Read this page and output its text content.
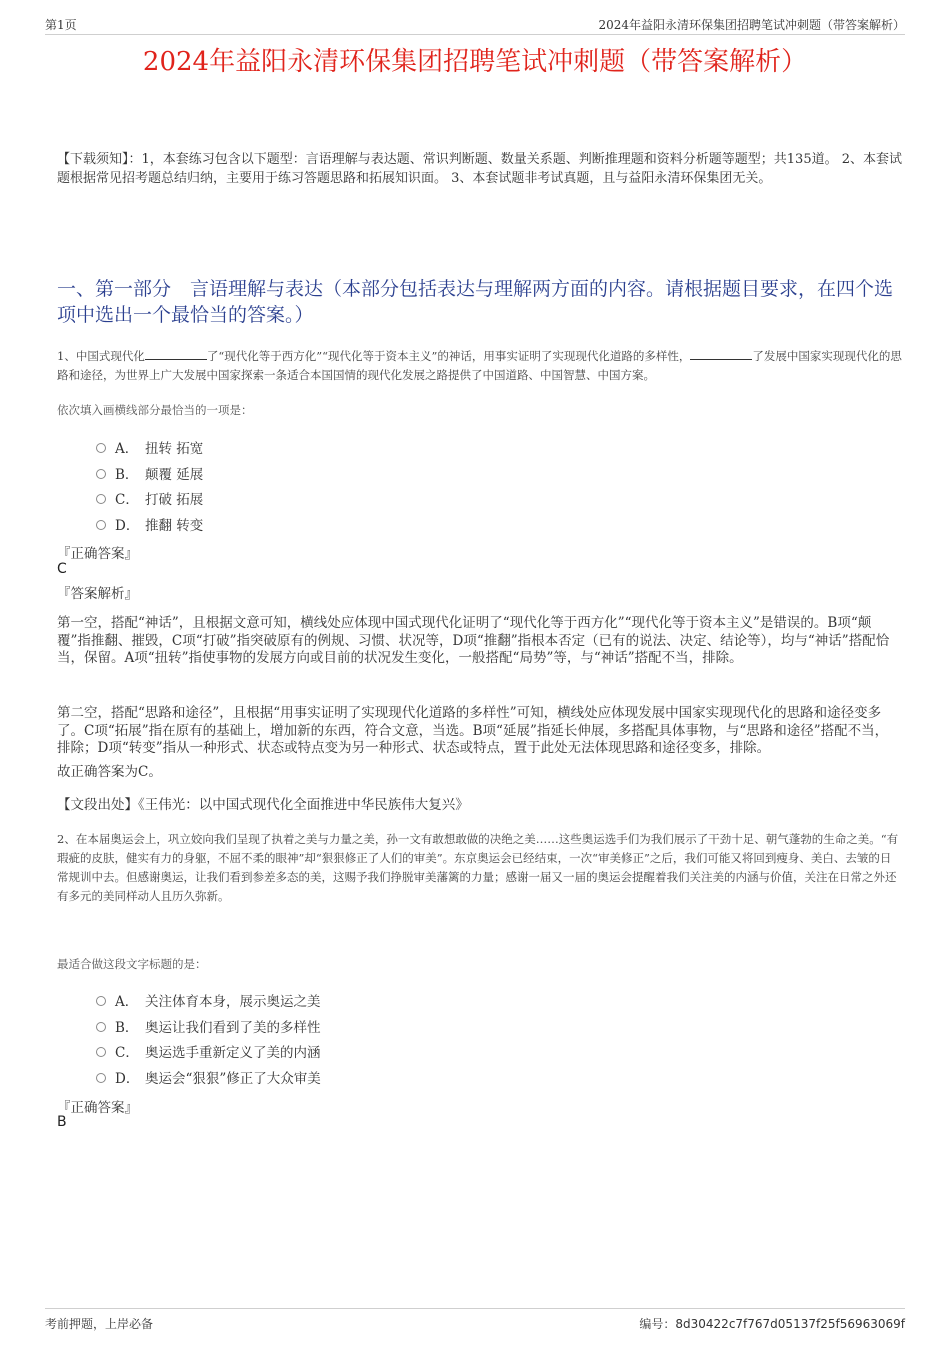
第1页	2024年益阳永清环保集团招聘笔试冲刺题（带答案解析）
2024年益阳永清环保集团招聘笔试冲刺题（带答案解析）
【下载须知】：1，本套练习包含以下题型：言语理解与表达题、常识判断题、数量关系题、判断推理题和资料分析题等题型；共135道。 2、本套试题根据常见招考题总结归纳，主要用于练习答题思路和拓展知识面。 3、本套试题非考试真题，且与益阳永清环保集团无关。
一、第一部分　言语理解与表达（本部分包括表达与理解两方面的内容。请根据题目要求，在四个选项中选出一个最恰当的答案。）
1、中国式现代化	了“现代化等于西方化”“现代化等于资本主义”的神话，用事实证明了实现现代化道路的多样性，	了发展中国家实现现代化的思路和途径，为世界上广大发展中国家探索一条适合本国国情的现代化发展之路提供了中国道路、中国智慧、中国方案。
依次填入画横线部分最恰当的一项是：
A． 扭转 拓宽
B． 颠覆 延展
C． 打破 拓展
D． 推翻 转变
『正确答案』
C
『答案解析』

第一空，搭配“神话”，且根据文意可知，横线处应体现中国式现代化证明了“现代化等于西方化”“现代化等于资本主义”是错误的。B项“颠覆”指推翻、摧毁，C项“打破”指突破原有的例规、习惯、状况等，D项“推翻”指根本否定（已有的说法、决定、结论等），均与“神话”搭配恰当，保留。A项“扭转”指使事物的发展方向或目前的状况发生变化，一般搭配“局势”等，与“神话”搭配不当，排除。

第二空，搭配“思路和途径”，且根据“用事实证明了实现现代化道路的多样性”可知，横线处应体现发展中国家实现现代化的思路和途径变多了。C项“拓展”指在原有的基础上，增加新的东西，符合文意，当选。B项“延展”指延长伸展，多搭配具体事物，与“思路和途径”搭配不当，排除；D项“转变”指从一种形式、状态或特点变为另一种形式、状态或特点，置于此处无法体现思路和途径变多，排除。

故正确答案为C。

【文段出处】《王伟光：以中国式现代化全面推进中华民族伟大复兴》

2、在本届奥运会上，巩立姣向我们呈现了执着之美与力量之美，孙一文有敢想敢做的决绝之美……这些奥运选手们为我们展示了干劲十足、朝气蓬勃的生命之美。“有瑕疵的皮肤，健实有力的身躯，不屈不柔的眼神”却“狠狠修正了人们的审美”。东京奥运会已经结束，一次“审美修正”之后，我们可能又将回到瘦身、美白、去皱的日常规训中去。但感谢奥运，让我们看到参差多态的美，这赐予我们挣脱审美藩篱的力量；感谢一届又一届的奥运会提醒着我们关注美的内涵与价值，关注在日常之外还有多元的美同样动人且历久弥新。
最适合做这段文字标题的是：
A． 关注体育本身，展示奥运之美
B． 奥运让我们看到了美的多样性
C． 奥运选手重新定义了美的内涵
D． 奥运会“狠狠”修正了大众审美
『正确答案』
B
考前押题，上岸必备	编号：8d30422c7f767d05137f25f56963069f
